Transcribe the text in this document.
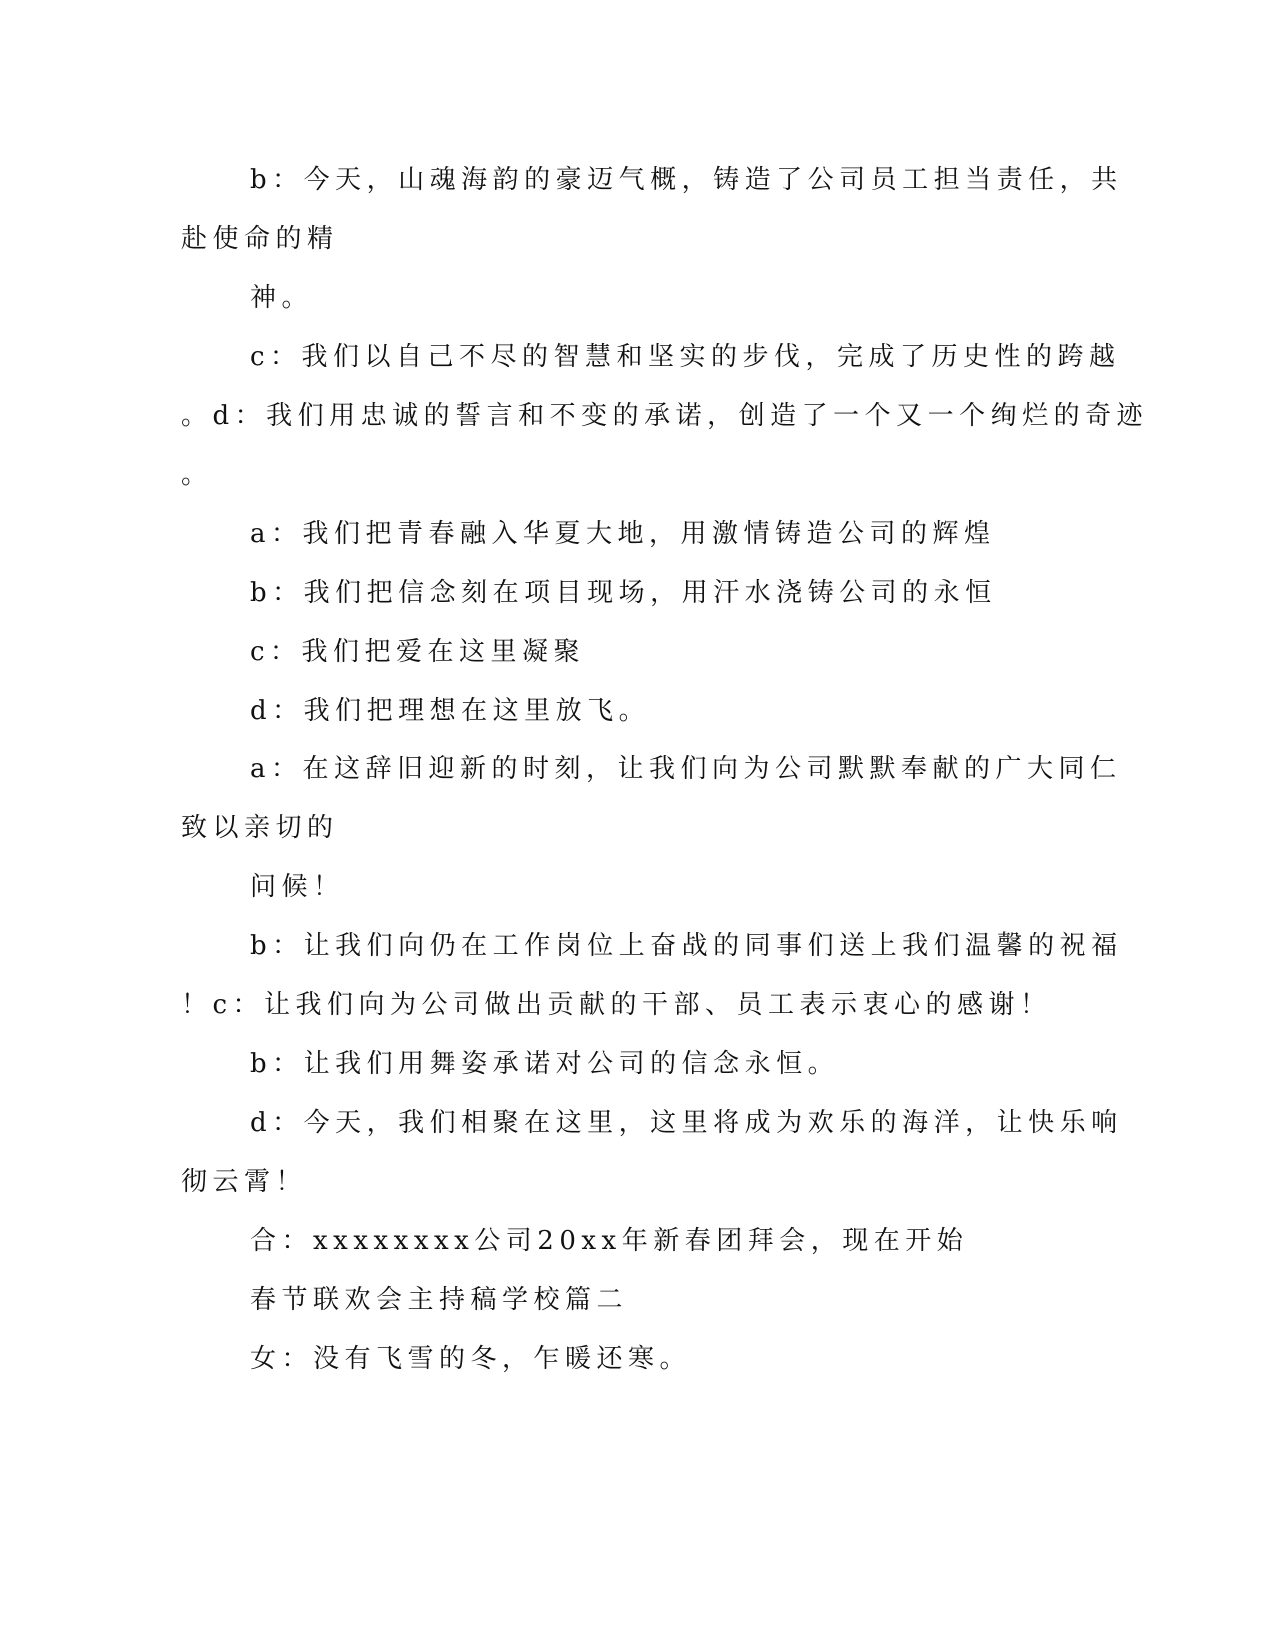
b：今天，山魂海韵的豪迈气概，铸造了公司员工担当责任，共
赴使命的精
神。
c：我们以自己不尽的智慧和坚实的步伐，完成了历史性的跨越
。d：我们用忠诚的誓言和不变的承诺，创造了一个又一个绚烂的奇迹
。
a：我们把青春融入华夏大地，用激情铸造公司的辉煌
b：我们把信念刻在项目现场，用汗水浇铸公司的永恒
c：我们把爱在这里凝聚
d：我们把理想在这里放飞。
a：在这辞旧迎新的时刻，让我们向为公司默默奉献的广大同仁
致以亲切的
问候！
b：让我们向仍在工作岗位上奋战的同事们送上我们温馨的祝福
！c：让我们向为公司做出贡献的干部、员工表示衷心的感谢！
b：让我们用舞姿承诺对公司的信念永恒。
d：今天，我们相聚在这里，这里将成为欢乐的海洋，让快乐响
彻云霄！
合：xxxxxxxx公司20xx年新春团拜会，现在开始
春节联欢会主持稿学校篇二
女：没有飞雪的冬，乍暖还寒。
